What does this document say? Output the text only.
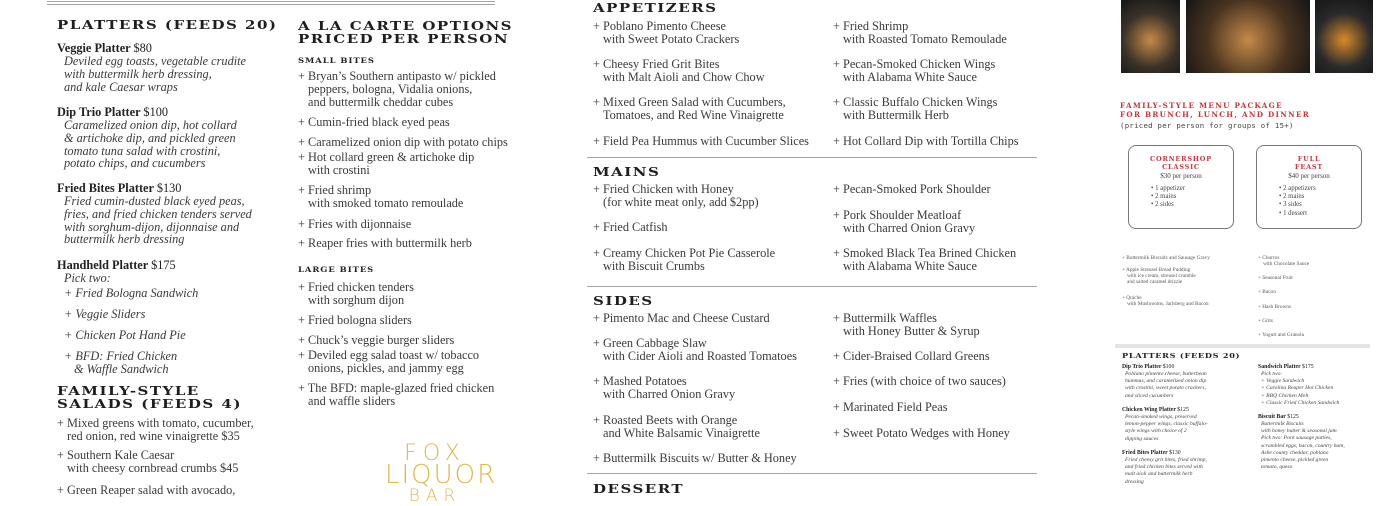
PLATTERS (FEEDS 20)
Veggie Platter $80
Deviled egg toasts, vegetable crudite
with buttermilk herb dressing,
and kale Caesar wraps
Dip Trio Platter $100
Caramelized onion dip, hot collard
& artichoke dip, and pickled green
tomato tuna salad with crostini,
potato chips, and cucumbers
Fried Bites Platter $130
Fried cumin-dusted black eyed peas,
fries, and fried chicken tenders served
with sorghum-dijon, dijonnaise and
buttermilk herb dressing
Handheld Platter $175
Pick two:
+ Fried Bologna Sandwich
+ Veggie Sliders
+ Chicken Pot Hand Pie
+ BFD: Fried Chicken
& Waffle Sandwich
FAMILY-STYLE
SALADS (FEEDS 4)
+ Mixed greens with tomato, cucumber,
red onion, red wine vinaigrette $35
+ Southern Kale Caesar
with cheesy cornbread crumbs $45
+ Green Reaper salad with avocado,
A LA CARTE OPTIONS
PRICED PER PERSON
SMALL BITES
+ Bryan’s Southern antipasto w/ pickled
peppers, bologna, Vidalia onions,
and buttermilk cheddar cubes
+ Cumin-fried black eyed peas
+ Caramelized onion dip with potato chips
+ Hot collard green & artichoke dip
with crostini
+ Fried shrimp
with smoked tomato remoulade
+ Fries with dijonnaise
+ Reaper fries with buttermilk herb
LARGE BITES
+ Fried chicken tenders
with sorghum dijon
+ Fried bologna sliders
+ Chuck’s veggie burger sliders
+ Deviled egg salad toast w/ tobacco
onions, pickles, and jammy egg
+ The BFD: maple-glazed fried chicken
and waffle sliders
FOX
LIQUOR
BAR
APPETIZERS
+ Poblano Pimento Cheese
with Sweet Potato Crackers
+ Cheesy Fried Grit Bites
with Malt Aioli and Chow Chow
+ Mixed Green Salad with Cucumbers,
Tomatoes, and Red Wine Vinaigrette
+ Field Pea Hummus with Cucumber Slices
+ Fried Shrimp
with Roasted Tomato Remoulade
+ Pecan-Smoked Chicken Wings
with Alabama White Sauce
+ Classic Buffalo Chicken Wings
with Buttermilk Herb
+ Hot Collard Dip with Tortilla Chips
MAINS
+ Fried Chicken with Honey
(for white meat only, add $2pp)
+ Fried Catfish
+ Creamy Chicken Pot Pie Casserole
with Biscuit Crumbs
+ Pecan-Smoked Pork Shoulder
+ Pork Shoulder Meatloaf
with Charred Onion Gravy
+ Smoked Black Tea Brined Chicken
with Alabama White Sauce
SIDES
+ Pimento Mac and Cheese Custard
+ Green Cabbage Slaw
with Cider Aioli and Roasted Tomatoes
+ Mashed Potatoes
with Charred Onion Gravy
+ Roasted Beets with Orange
and White Balsamic Vinaigrette
+ Buttermilk Biscuits w/ Butter & Honey
+ Buttermilk Waffles
with Honey Butter & Syrup
+ Cider-Braised Collard Greens
+ Fries (with choice of two sauces)
+ Marinated Field Peas
+ Sweet Potato Wedges with Honey
DESSERT
FAMILY-STYLE MENU PACKAGE
FOR BRUNCH, LUNCH, AND DINNER
(priced per person for groups of 15+)
CORNERSHOP
CLASSIC
$30 per person
• 1 appetizer
• 2 mains
• 2 sides
FULL
FEAST
$40 per person
• 2 appetizers
• 2 mains
• 3 sides
• 1 dessert
+ Buttermilk Biscuits and Sausage Gravy
+ Apple Streusel Bread Pudding
with ice cream, streusel crumble
and salted caramel drizzle
+ Quiche
with Mushrooms, Jarlsberg and Bacon
+ Churros
with Chocolate Sauce
+ Seasonal Fruit
+ Bacon
+ Hash Browns
+ Grits
+ Yogurt and Granola
PLATTERS (FEEDS 20)
Dip Trio Platter $100
Poblano pimento cheese, butterbean
hummus, and caramelized onion dip
with crostini, sweet potato crackers,
and sliced cucumbers
Chicken Wing Platter $125
Pecan-smoked wings, preserved
lemon-pepper wings, classic buffalo-
style wings with choice of 2
dipping sauces
Fried Bites Platter $130
Fried cheesy grit bites, fried shrimp,
and fried chicken bites served with
malt aioli and buttermilk herb
dressing
Sandwich Platter $175
Pick two:
+ Veggie Sandwich
+ Carolina Reaper Hot Chicken
+ BBQ Chicken Melt
+ Classic Fried Chicken Sandwich
Biscuit Bar $125
Buttermilk Biscuits
with honey butter & seasonal jam
Pick two: Pork sausage patties,
scrambled eggs, bacon, country ham,
Ashe county cheddar, poblano
pimento cheese, pickled green
tomato, queso
